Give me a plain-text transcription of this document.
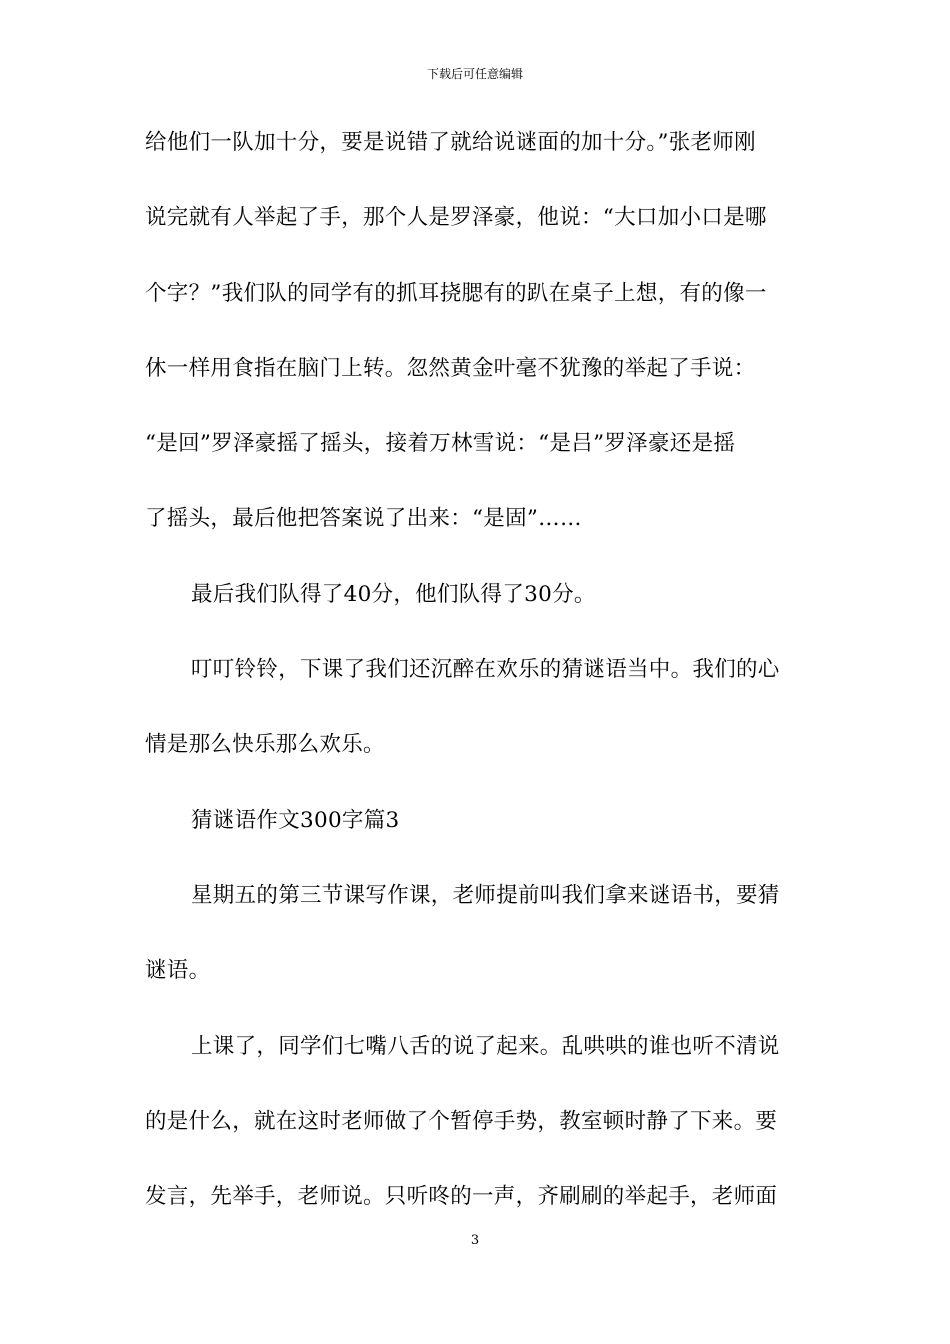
下载后可任意编辑
给他们一队加十分，要是说错了就给说谜面的加十分。”张老师刚
说完就有人举起了手，那个人是罗泽豪，他说：“大口加小口是哪
个字？”我们队的同学有的抓耳挠腮有的趴在桌子上想，有的像一
休一样用食指在脑门上转。忽然黄金叶毫不犹豫的举起了手说：
“是回”罗泽豪摇了摇头，接着万林雪说：“是吕”罗泽豪还是摇
了摇头，最后他把答案说了出来：“是固”……
最后我们队得了40分，他们队得了30分。
叮叮铃铃，下课了我们还沉醉在欢乐的猜谜语当中。我们的心
情是那么快乐那么欢乐。
猜谜语作文300字篇3
星期五的第三节课写作课，老师提前叫我们拿来谜语书，要猜
谜语。
上课了，同学们七嘴八舌的说了起来。乱哄哄的谁也听不清说
的是什么，就在这时老师做了个暂停手势，教室顿时静了下来。要
发言，先举手，老师说。只听咚的一声，齐刷刷的举起手，老师面
3
